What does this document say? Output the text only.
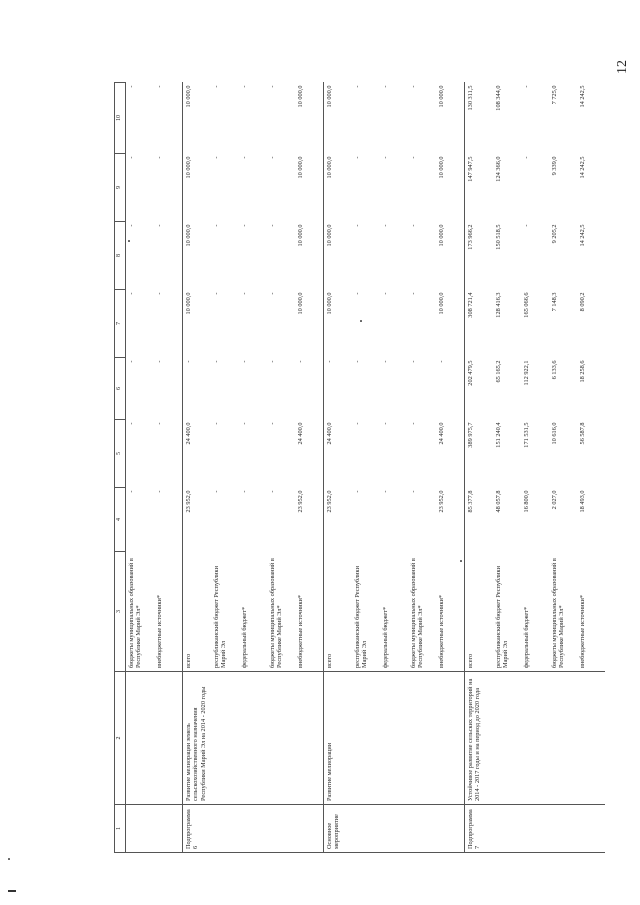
12
1	2	3	4	5	6	7	8	9	10
		бюджеты муниципальных образований в Республике Марий Эл*	-	-	-	-	-	-	-
		внебюджетные источники*	-	-	-	-	-	-	-
Подпрограмма 6	Развитие мелиорации земель сельскохозяйственного назначения Республики Марий Эл на 2014 - 2020 годы	всего	23 952,0	24 400,0	-	10 000,0	10 000,0	10 000,0	10 000,0
		республиканский бюджет Республики Марий Эл	-	-	-	-	-	-	-
		федеральный бюджет*	-	-	-	-	-	-	-
		бюджеты муниципальных образований в Республике Марий Эл*	-	-	-	-	-	-	-
		внебюджетные источники*	23 952,0	24 400,0	-	10 000,0	10 000,0	10 000,0	10 000,0
Основное мероприятие	Развитие мелиорации	всего	23 952,0	24 400,0	-	10 000,0	10 000,0	10 000,0	10 000,0
		республиканский бюджет Республики Марий Эл	-	-	-	-	-	-	-
		федеральный бюджет*	-	-	-	-	-	-	-
		бюджеты муниципальных образований в Республике Марий Эл*	-	-	-	-	-	-	-
		внебюджетные источники*	23 952,0	24 400,0	-	10 000,0	10 000,0	10 000,0	10 000,0
Подпрограмма 7	Устойчивое развитие сельских территорий на 2014 - 2017 годы и на период до 2020 года	всего	85 377,8	389 975,7	202 479,5	308 721,4	173 966,2	147 947,5	130 311,5
		республиканский бюджет Республики Марий Эл	48 057,8	151 240,4	65 165,2	128 416,3	150 518,5	124 366,0	108 344,0
		федеральный бюджет*	16 800,0	171 531,5	112 922,1	165 066,6	-	-	-
		бюджеты муниципальных образований в Республике Марий Эл*	2 027,0	10 616,0	6 133,6	7 148,3	9 205,2	9 339,0	7 725,0
		внебюджетные источники*	18 493,0	56 587,8	18 258,6	8 090,2	14 242,5	14 242,5	14 242,5
